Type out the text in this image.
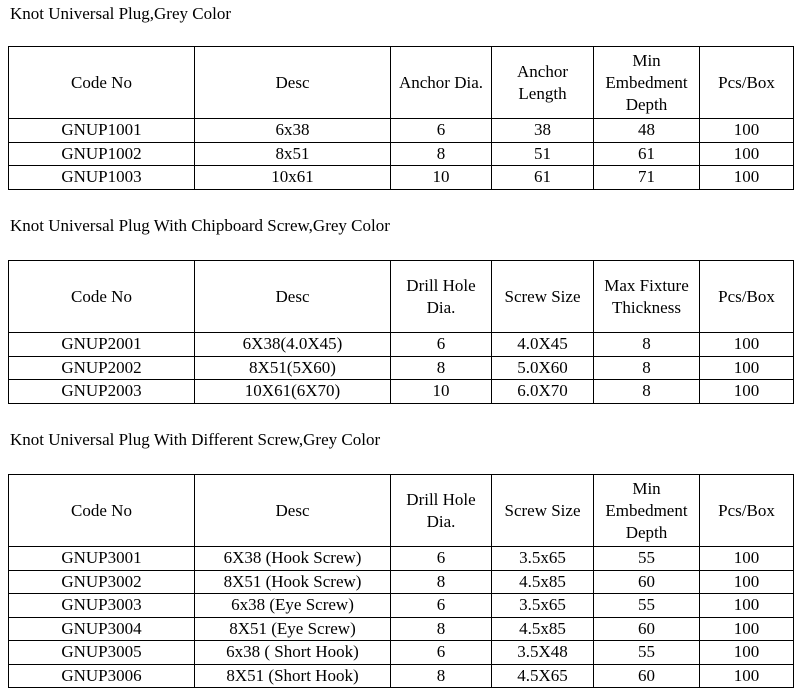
Knot Universal Plug,Grey Color
Code No	Desc	Anchor Dia.	Anchor Length	Min Embedment Depth	Pcs/Box
GNUP1001	6x38	6	38	48	100
GNUP1002	8x51	8	51	61	100
GNUP1003	10x61	10	61	71	100
Knot Universal Plug With Chipboard Screw,Grey Color
Code No	Desc	Drill Hole Dia.	Screw Size	Max Fixture Thickness	Pcs/Box
GNUP2001	6X38(4.0X45)	6	4.0X45	8	100
GNUP2002	8X51(5X60)	8	5.0X60	8	100
GNUP2003	10X61(6X70)	10	6.0X70	8	100
Knot Universal Plug With Different Screw,Grey Color
Code No	Desc	Drill Hole Dia.	Screw Size	Min Embedment Depth	Pcs/Box
GNUP3001	6X38 (Hook Screw)	6	3.5x65	55	100
GNUP3002	8X51 (Hook Screw)	8	4.5x85	60	100
GNUP3003	6x38 (Eye Screw)	6	3.5x65	55	100
GNUP3004	8X51 (Eye Screw)	8	4.5x85	60	100
GNUP3005	6x38 ( Short Hook)	6	3.5X48	55	100
GNUP3006	8X51 (Short Hook)	8	4.5X65	60	100
